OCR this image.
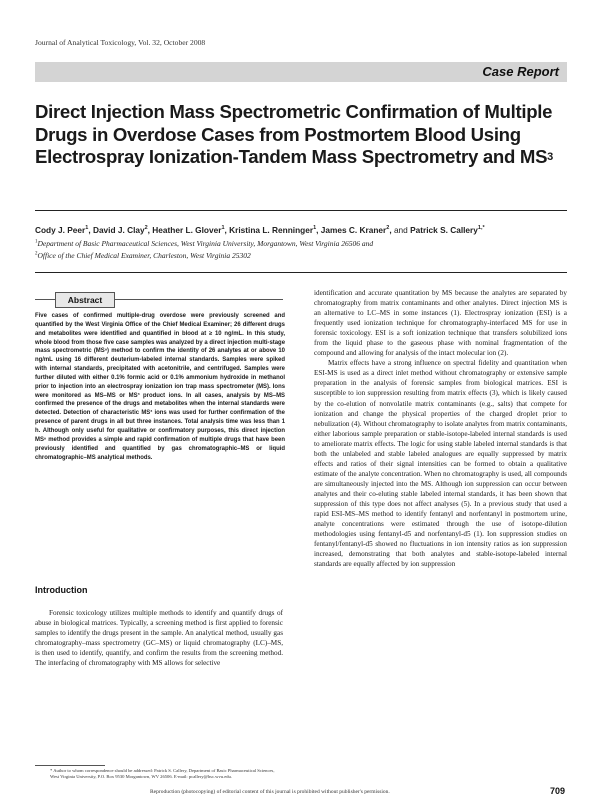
Journal of Analytical Toxicology, Vol. 32, October 2008
Case Report
Direct Injection Mass Spectrometric Confirmation of Multiple Drugs in Overdose Cases from Postmortem Blood Using Electrospray Ionization-Tandem Mass Spectrometry and $MS^3$
Cody J. Peer$^1$, David J. Clay$^2$, Heather L. Glover$^1$, Kristina L. Renninger$^1$, James C. Kraner$^2$, and Patrick S. Callery$^{1,*}$
$^1$Department of Basic Pharmaceutical Sciences, West Virginia University, Morgantown, West Virginia 26506 and
$^2$Office of the Chief Medical Examiner, Charleston, West Virginia 25302
Abstract
Five cases of confirmed multiple-drug overdose were previously screened and quantified by the West Virginia Office of the Chief Medical Examiner; 26 different drugs and metabolites were identified and quantified in blood at ≥ 10 ng/mL. In this study, whole blood from those five case samples was analyzed by a direct injection multi-stage mass spectrometric (MSⁿ) method to confirm the identity of 26 analytes at or above 10 ng/mL using 16 different deuterium-labeled internal standards. Samples were spiked with internal standards, precipitated with acetonitrile, and centrifuged. Samples were further diluted with either 0.1% formic acid or 0.1% ammonium hydroxide in methanol prior to injection into an electrospray ionization ion trap mass spectrometer (MS). Ions were monitored as MS–MS or MS³ product ions. In all cases, analysis by MS–MS confirmed the presence of the drugs and metabolites when the internal standards were detected. Detection of characteristic MS³ ions was used for further confirmation of the presence of parent drugs in all but three instances. Total analysis time was less than 1 h. Although only useful for qualitative or confirmatory purposes, this direct injection MSⁿ method provides a simple and rapid confirmation of multiple drugs that have been previously identified and quantified by gas chromatographic–MS or liquid chromatographic–MS analytical methods.
Introduction

Forensic toxicology utilizes multiple methods to identify and quantify drugs of abuse in biological matrices. Typically, a screening method is first applied to forensic samples to identify the drugs present in the sample. An analytical method, usually gas chromatography–mass spectrometry (GC–MS) or liquid chromatography (LC)–MS, is then used to identify, quantify, and confirm the results from the screening method. The interfacing of chromatography with MS allows for selective

identification and accurate quantitation by MS because the analytes are separated by chromatography from matrix contaminants and other analytes. Direct injection MS is an alternative to LC–MS in some instances (1). Electrospray ionization (ESI) is a frequently used ionization technique for chromatography-interfaced MS for use in forensic toxicology. ESI is a soft ionization technique that transfers solubilized ions from the liquid phase to the gaseous phase with nominal fragmentation of the compound and allowing for analysis of the intact molecular ion (2).

Matrix effects have a strong influence on spectral fidelity and quantitation when ESI-MS is used as a direct inlet method without chromatography or extensive sample preparation in the analysis of forensic samples from biological matrices. ESI is susceptible to ion suppression resulting from matrix effects (3), which is likely caused by the co-elution of nonvolatile matrix contaminants (e.g., salts) that compete for ionization and change the physical properties of the charged droplet prior to nebulization (4). Without chromatography to isolate analytes from matrix contaminants, either laborious sample preparation or stable-isotope-labeled internal standards is used to ameliorate matrix effects. The logic for using stable labeled internal standards is that both the unlabeled and stable labeled analogues are equally suppressed by matrix effects and ratios of their signal intensities can be formed to obtain a qualitative estimate of the analyte concentration. When no chromatography is used, all compounds are simultaneously injected into the MS. Although ion suppression can occur between analytes and their co-eluting stable labeled internal standards, it has been shown that suppression of this type does not affect analyses (5). In a previous study that used a rapid ESI-MS–MS method to identify fentanyl and norfentanyl in postmortem urine, analyte concentrations were estimated through the use of isotope-dilution methodologies using fentanyl-d5 and norfentanyl-d5 (1). Ion suppression studies on fentanyl/fentanyl-d5 showed no fluctuations in ion intensity ratios as ion suppression increased, demonstrating that both analytes and stable-isotope-labeled internal standards are equally affected by ion suppression

* Author to whom correspondence should be addressed: Patrick S. Callery, Department of Basic Pharmaceutical Sciences, West Virginia University, P.O. Box 9530 Morgantown, WV 26506. E-mail: pcallery@hsc.wvu.edu.
Reproduction (photocopying) of editorial content of this journal is prohibited without publisher's permission.	709
